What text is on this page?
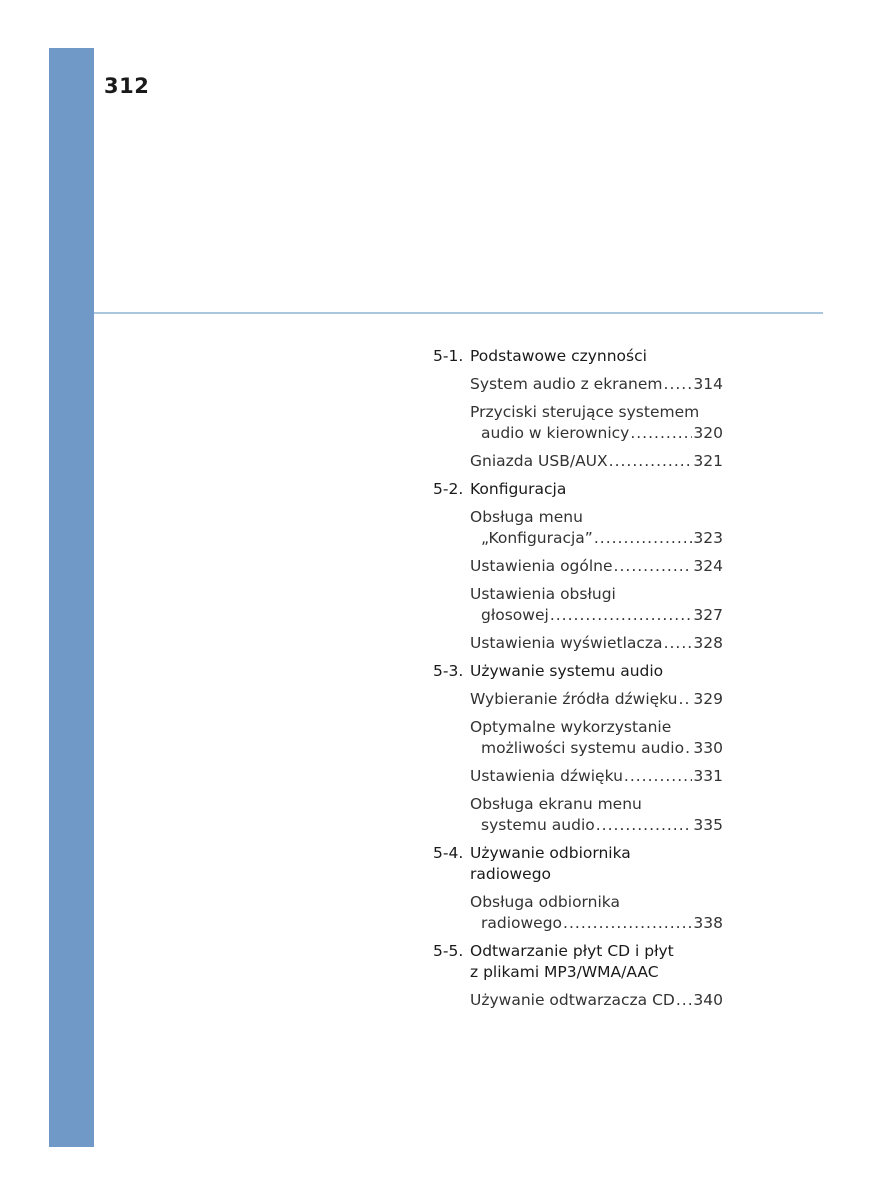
312
5-1. Podstawowe czynności
System audio z ekranem ..... 314
Przyciski sterujące systemem
audio w kierownicy .....	320
Gniazda USB/AUX .....	321
5-2. Konfiguracja
Obsługa menu
„Konfiguracja” .....	323
Ustawienia ogólne .....	324
Ustawienia obsługi
głosowej .....	327
Ustawienia wyświetlacza ..... 328
5-3. Używanie systemu audio
Wybieranie źródła dźwięku ..... 329
Optymalne wykorzystanie
możliwości systemu audio ..... 330
Ustawienia dźwięku .....	331
Obsługa ekranu menu
systemu audio .....	335
5-4. Używanie odbiornika
radiowego
Obsługa odbiornika
radiowego .....	338
5-5. Odtwarzanie płyt CD i płyt
z plikami MP3/WMA/AAC
Używanie odtwarzacza CD ..... 340
